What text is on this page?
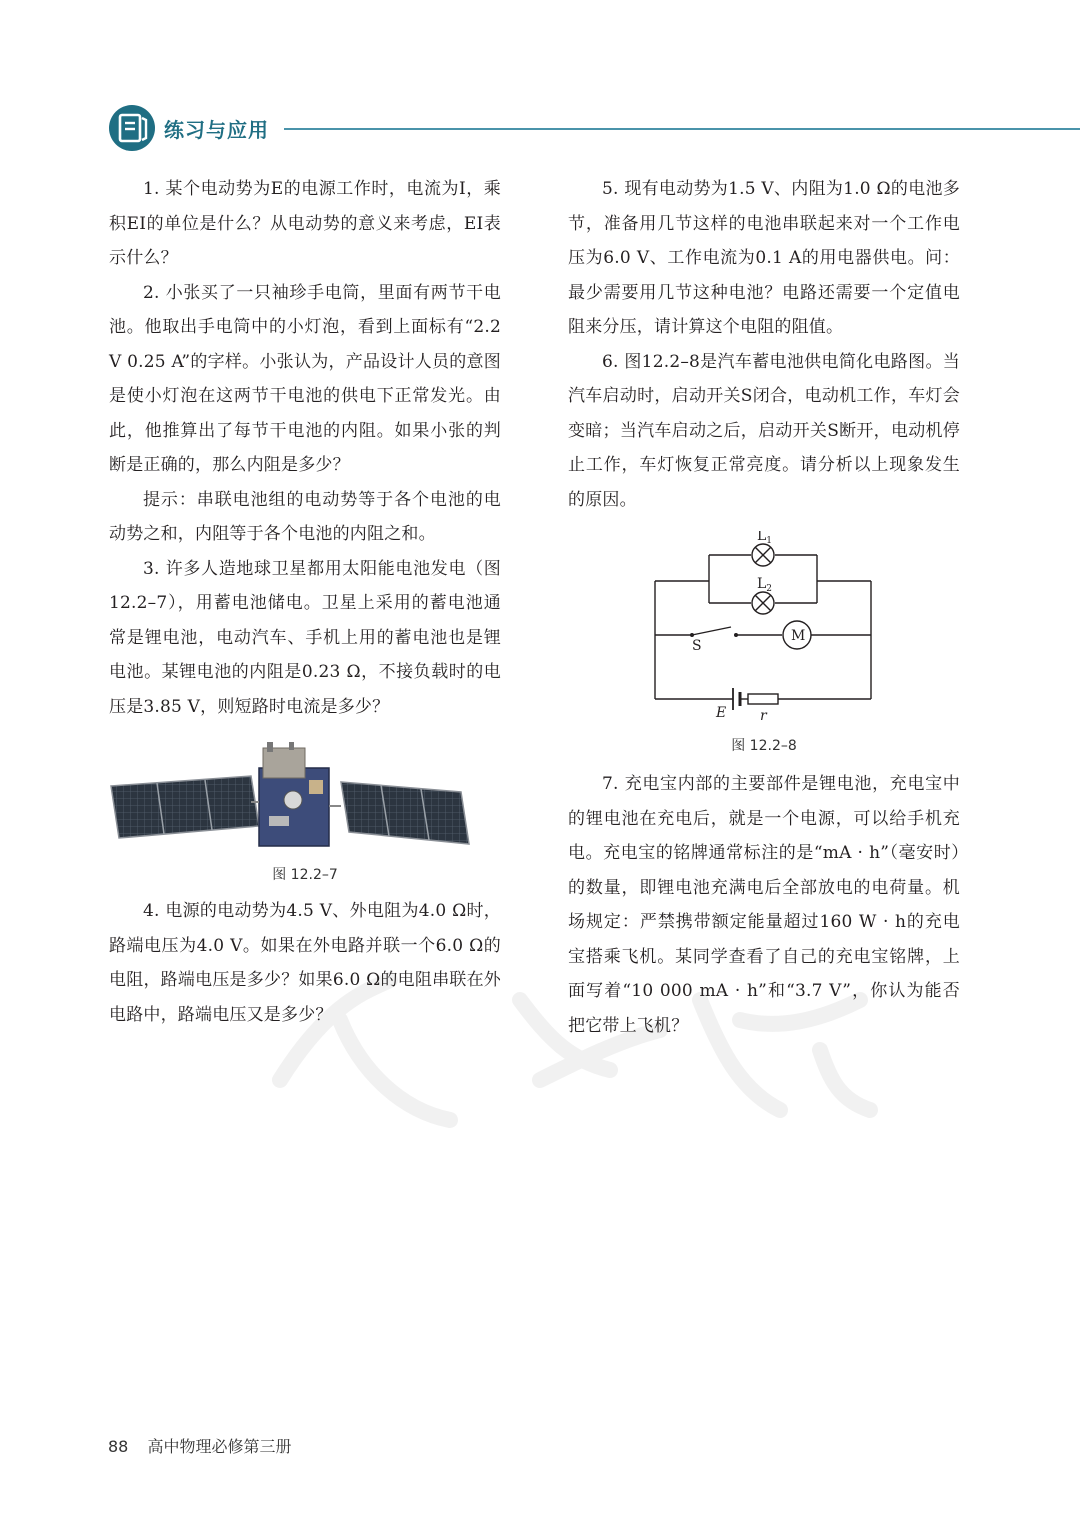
练习与应用

1. 某个电动势为E的电源工作时，电流为I，乘积EI的单位是什么？从电动势的意义来考虑，EI表示什么？

2. 小张买了一只袖珍手电筒，里面有两节干电池。他取出手电筒中的小灯泡，看到上面标有“2.2 V 0.25 A”的字样。小张认为，产品设计人员的意图是使小灯泡在这两节干电池的供电下正常发光。由此，他推算出了每节干电池的内阻。如果小张的判断是正确的，那么内阻是多少？

提示：串联电池组的电动势等于各个电池的电动势之和，内阻等于各个电池的内阻之和。

3. 许多人造地球卫星都用太阳能电池发电（图12.2–7），用蓄电池储电。卫星上采用的蓄电池通常是锂电池，电动汽车、手机上用的蓄电池也是锂电池。某锂电池的内阻是0.23 Ω，不接负载时的电压是3.85 V，则短路时电流是多少？

图 12.2–7

4. 电源的电动势为4.5 V、外电阻为4.0 Ω时，路端电压为4.0 V。如果在外电路并联一个6.0 Ω的电阻，路端电压是多少？如果6.0 Ω的电阻串联在外电路中，路端电压又是多少？

5. 现有电动势为1.5 V、内阻为1.0 Ω的电池多节，准备用几节这样的电池串联起来对一个工作电压为6.0 V、工作电流为0.1 A的用电器供电。问：最少需要用几节这种电池？电路还需要一个定值电阻来分压，请计算这个电阻的阻值。

6. 图12.2–8是汽车蓄电池供电简化电路图。当汽车启动时，启动开关S闭合，电动机工作，车灯会变暗；当汽车启动之后，启动开关S断开，电动机停止工作，车灯恢复正常亮度。请分析以上现象发生的原因。

$L_1$
$L_2$
S
M
E r
图 12.2–8

7. 充电宝内部的主要部件是锂电池，充电宝中的锂电池在充电后，就是一个电源，可以给手机充电。充电宝的铭牌通常标注的是“mA · h”（毫安时）的数量，即锂电池充满电后全部放电的电荷量。机场规定：严禁携带额定能量超过160 W · h的充电宝搭乘飞机。某同学查看了自己的充电宝铭牌，上面写着“10 000 mA · h”和“3.7 V”，你认为能否把它带上飞机？

88 高中物理必修第三册
